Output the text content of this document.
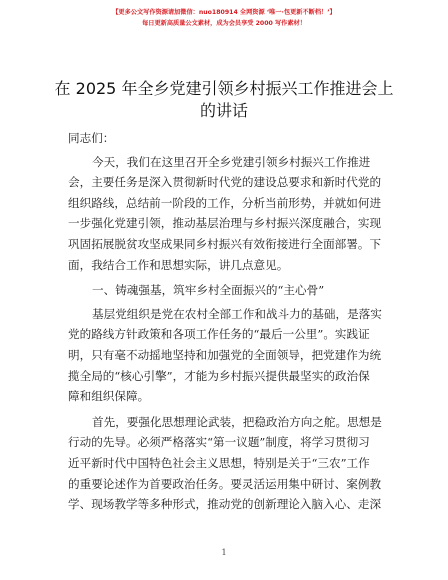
【更多公文写作资源请加微信：nuo180914 全网资源 ‘唯一·包更新不断档！’】
每日更新高质量公文素材，成为会员享受 2000 写作素材！
在 2025 年全乡党建引领乡村振兴工作推进会上
的讲话

同志们：

今天，我们在这里召开全乡党建引领乡村振兴工作推进
会，主要任务是深入贯彻新时代党的建设总要求和新时代党的
组织路线，总结前一阶段的工作，分析当前形势，并就如何进
一步强化党建引领，推动基层治理与乡村振兴深度融合，实现
巩固拓展脱贫攻坚成果同乡村振兴有效衔接进行全面部署。下
面，我结合工作和思想实际，讲几点意见。

一、铸魂强基，筑牢乡村全面振兴的“主心骨”

基层党组织是党在农村全部工作和战斗力的基础，是落实
党的路线方针政策和各项工作任务的“最后一公里”。实践证
明，只有毫不动摇地坚持和加强党的全面领导，把党建作为统
揽全局的“核心引擎”，才能为乡村振兴提供最坚实的政治保
障和组织保障。

首先，要强化思想理论武装，把稳政治方向之舵。思想是
行动的先导。必须严格落实“第一议题”制度，将学习贯彻习
近平新时代中国特色社会主义思想，特别是关于“三农”工作
的重要论述作为首要政治任务。要灵活运用集中研讨、案例教
学、现场教学等多种形式，推动党的创新理论入脑入心、走深

1
